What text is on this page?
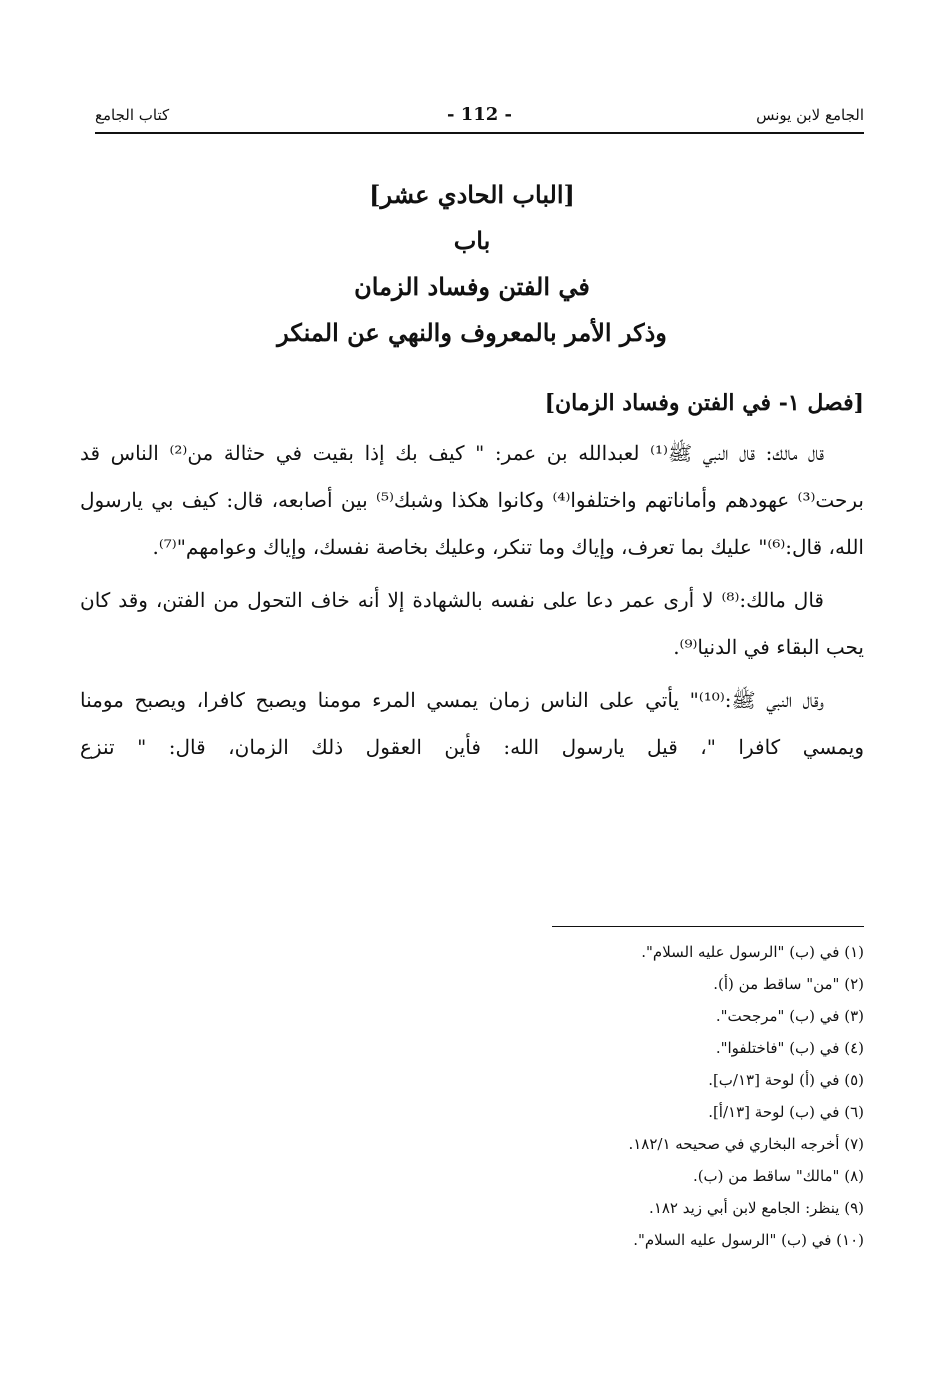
الجامع لابن يونس
- 112 -
كتاب الجامع
[الباب الحادي عشر]
باب
في الفتن وفساد الزمان
وذكر الأمر بالمعروف والنهي عن المنكر
[فصل ١- في الفتن وفساد الزمان]

قال مالك: قال النبي ﷺ⁽¹⁾ لعبدالله بن عمر: " كيف بك إذا بقيت في حثالة من⁽²⁾ الناس قد برحت⁽³⁾ عهودهم وأماناتهم واختلفوا⁽⁴⁾ وكانوا هكذا وشبك⁽⁵⁾ بين أصابعه، قال: كيف بي يارسول الله، قال:⁽⁶⁾" عليك بما تعرف، وإياك وما تنكر، وعليك بخاصة نفسك، وإياك وعوامهم"⁽⁷⁾.

قال مالك:⁽⁸⁾ لا أرى عمر دعا على نفسه بالشهادة إلا أنه خاف التحول من الفتن، وقد كان يحب البقاء في الدنيا⁽⁹⁾.

وقال النبي ﷺ:⁽¹⁰⁾" يأتي على الناس زمان يمسي المرء مومنا ويصبح كافرا، ويصبح مومنا ويمسي كافرا "، قيل يارسول الله: فأين العقول ذلك الزمان، قال: " تنزع

(١) في (ب) "الرسول عليه السلام".
(٢) "من" ساقط من (أ).
(٣) في (ب) "مرجحت".
(٤) في (ب) "فاختلفوا".
(٥) في (أ) لوحة [١٣/ب].
(٦) في (ب) لوحة [١٣/أ].
(٧) أخرجه البخاري في صحيحه ١٨٢/١.
(٨) "مالك" ساقط من (ب).
(٩) ينظر: الجامع لابن أبي زيد ١٨٢.
(١٠) في (ب) "الرسول عليه السلام".
